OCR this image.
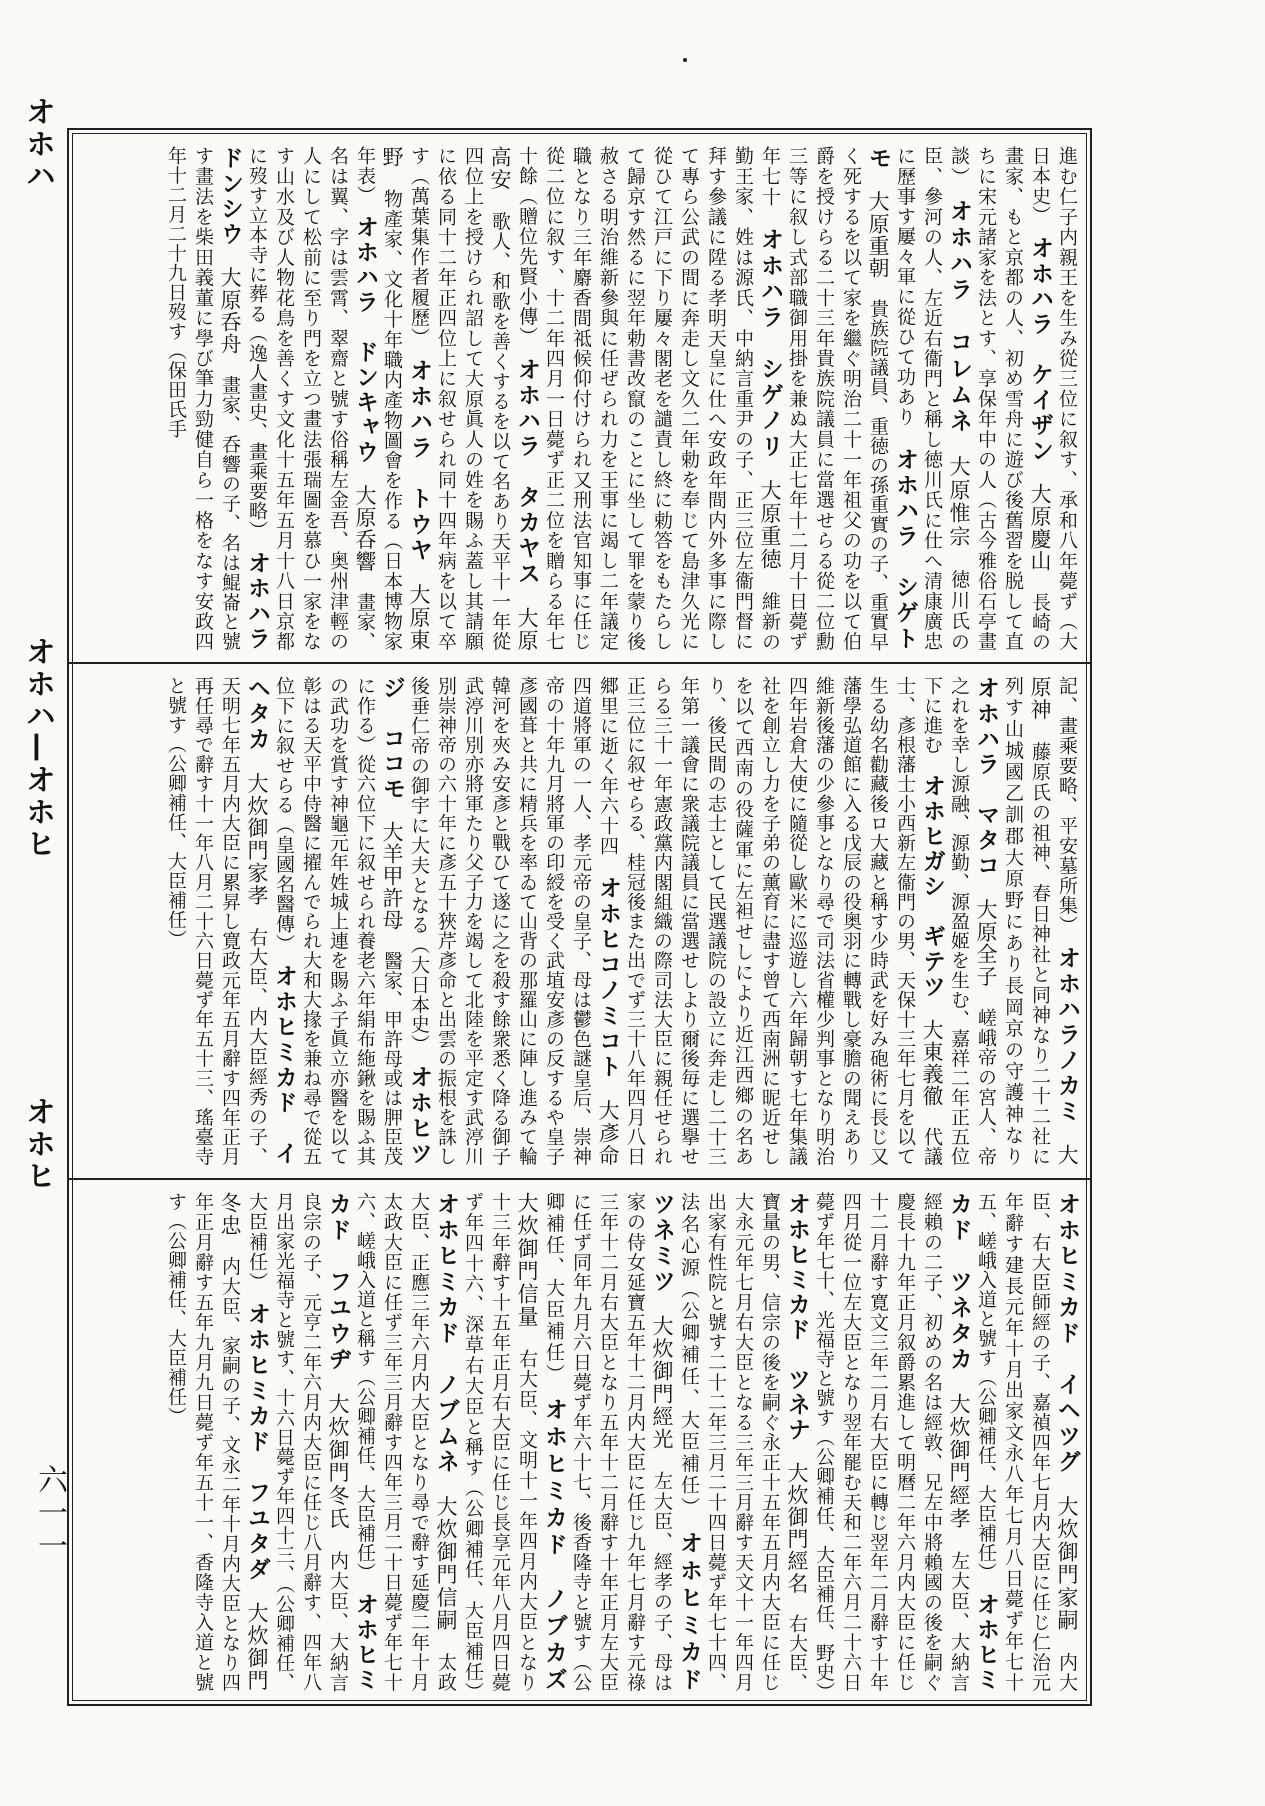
オホハ
オホハ—オホヒ
オホヒ
六一一
進む仁子内親王を生み從三位に叙す、承和八年薨ず（大日本史）　オホハラ　ケイザン　大原慶山　長崎の畫家、もと京都の人、初め雪舟に遊び後舊習を脱して直ちに宋元諸家を法とす、享保年中の人（古今雅俗石亭畫談）　オホハラ　コレムネ　大原惟宗　徳川氏の臣、參河の人、左近右衞門と稱し徳川氏に仕へ清康廣忠に歷事す屢々軍に從ひて功あり　オホハラ　シゲトモ　大原重朝　貴族院議員、重徳の孫重實の子、重實早く死するを以て家を繼ぐ明治二十一年祖父の功を以て伯爵を授けらる二十三年貴族院議員に當選せらる從二位勳三等に叙し式部職御用掛を兼ぬ大正七年十二月十日薨ず年七十　オホハラ　シゲノリ　大原重徳　維新の勤王家、姓は源氏、中納言重尹の子、正三位左衞門督に拜す參議に陞る孝明天皇に仕へ安政年間内外多事に際して專ら公武の間に奔走し文久二年勅を奉じて島津久光に從ひて江戸に下り屢々閣老を譴責し終に勅答をもたらして歸京す然るに翌年勅書改竄のことに坐して罪を蒙り後赦さる明治維新參與に任ぜられ力を王事に竭し二年議定職となり三年麝香間祗候仰付けられ又刑法官知事に任じ從二位に叙す、十二年四月一日薨ず正二位を贈らる年七十餘（贈位先賢小傳）　オホハラ　タカヤス　大原高安　歌人、和歌を善くするを以て名あり天平十一年從四位上を授けられ詔して大原眞人の姓を賜ふ蓋し其請願に依る同十二年正四位上に叙せられ同十四年病を以て卒す（萬葉集作者履歷）　オホハラ　トウヤ　大原東野　物產家、文化十年職内產物圖會を作る（日本博物家年表）　オホハラ　ドンキャウ　大原呑響　畫家、名は翼、字は雲霄、翠齋と號す俗稱左金吾、奥州津輕の人にして松前に至り門を立つ畫法張瑞圖を慕ひ一家をなす山水及び人物花鳥を善くす文化十五年五月十八日京都に歿す立本寺に葬る（逸人畫史、畫乘要略）　オホハラ　ドンシウ　大原呑舟　畫家、呑響の子、名は鯤崙と號す畫法を柴田義董に學び筆力勁健自ら一格をなす安政四年十二月二十九日歿す（保田氏手
記、畫乘要略、平安墓所集）　オホハラノカミ　大原神　藤原氏の祖神、春日神社と同神なり二十二社に列す山城國乙訓郡大原野にあり長岡京の守護神なり　オホハラ　マタコ　大原全子　嵯峨帝の宮人、帝之れを幸し源融、源勤、源盈姬を生む、嘉祥二年正五位下に進む　オホヒガシ　ギテツ　大東義徹　代議士、彥根藩士小西新左衞門の男、天保十三年七月を以て生る幼名勸藏後ロ大藏と稱す少時武を好み砲術に長じ又藩學弘道館に入る戊辰の役奥羽に轉戰し豪膽の聞えあり維新後藩の少參事となり尋で司法省權少判事となり明治四年岩倉大使に隨從し歐米に巡遊し六年歸朝す七年集議社を創立し力を子弟の薰育に盡す曾て西南洲に昵近せしを以て西南の役薩軍に左袒せしにより近江西鄉の名あり、後民間の志士として民選議院の設立に奔走し二十三年第一議會に衆議院議員に當選せしより爾後毎に選擧せらる三十一年憲政黨内閣組織の際司法大臣に親任せられ正三位に叙せらる、桂冠後また出でず三十八年四月八日郷里に逝く年六十四　オホヒコノミコト　大彥命　四道將軍の一人、孝元帝の皇子、母は鬱色謎皇后、崇神帝の十年九月將軍の印綬を受く武埴安彥の反するや皇子彥國葺と共に精兵を率ゐて山背の那羅山に陣し進みて輪韓河を夾み安彥と戰ひて遂に之を殺す餘衆悉く降る御子武渟川別亦將軍たり父子力を竭して北陸を平定す武渟川別崇神帝の六十年に彥五十狹芹彥命と出雲の振根を誅し後垂仁帝の御宇に大夫となる（大日本史）　オホヒツジ　ココモ　大羊甲許母　醫家、甲許母或は胛臣茂に作る）從六位下に叙せられ養老六年絹布絁鍬を賜ふ其の武功を賞す神龜元年姓城上連を賜ふ子眞立亦醫を以て彰はる天平中侍醫に擢んでられ大和大掾を兼ね尋で從五位下に叙せらる（皇國名醫傳）　オホヒミカド　イヘタカ　大炊御門家孝　右大臣、内大臣經秀の子、天明七年五月内大臣に累昇し寛政元年五月辭す四年正月再任尋で辭す十一年八月二十六日薨ず年五十三、瑤臺寺と號す（公卿補任、大臣補任）
オホヒミカド　イヘツグ　大炊御門家嗣　内大臣、右大臣師經の子、嘉禎四年七月内大臣に任じ仁治元年辭す建長元年十月出家文永八年七月八日薨ず年七十五、嵯峨入道と號す（公卿補任、大臣補任）　オホヒミカド　ツネタカ　大炊御門經孝　左大臣、大納言經賴の二子、初めの名は經敦、兄左中將賴國の後を嗣ぐ慶長十九年正月叙爵累進して明曆二年六月内大臣に任じ十二月辭す寛文三年二月右大臣に轉じ翌年二月辭す十年四月從一位左大臣となり翌年罷む天和二年六月二十六日薨ず年七十、光福寺と號す（公卿補任、大臣補任、野史）　オホヒミカド　ツネナ　大炊御門經名　右大臣、寶量の男、信宗の後を嗣ぐ永正十五年五月内大臣に任じ大永元年七月右大臣となる三年三月辭す天文十一年四月出家有性院と號す二十二年三月二十四日薨ず年七十四、法名心源（公卿補任、大臣補任）　オホヒミカド　ツネミツ　大炊御門經光　左大臣、經孝の子、母は家の侍女延寶五年十二月内大臣に任じ九年七月辭す元祿三年十二月右大臣となり五年十二月辭す十年正月左大臣に任ず同年九月六日薨ず年六十七、後香隆寺と號す（公卿補任、大臣補任）　オホヒミカド　ノブカズ　大炊御門信量　右大臣、文明十一年四月内大臣となり十三年辭す十五年正月右大臣に任じ長享元年八月四日薨ず年四十六、深草右大臣と稱す（公卿補任、大臣補任）　オホヒミカド　ノブムネ　大炊御門信嗣　太政大臣、正應三年六月内大臣となり尋で辭す延慶二年十月太政大臣に任ず三年三月辭す四年三月二十日薨ず年七十六、嵯峨入道と稱す（公卿補任、大臣補任）　オホヒミカド　フユウヂ　大炊御門冬氏　内大臣、大納言良宗の子、元亨二年六月内大臣に任じ八月辭す、四年八月出家光福寺と號す、十六日薨ず年四十三、（公卿補任、大臣補任）　オホヒミカド　フユタダ　大炊御門冬忠　内大臣、家嗣の子、文永二年十月内大臣となり四年正月辭す五年九月九日薨ず年五十一、香隆寺入道と號す（公卿補任、大臣補任）
